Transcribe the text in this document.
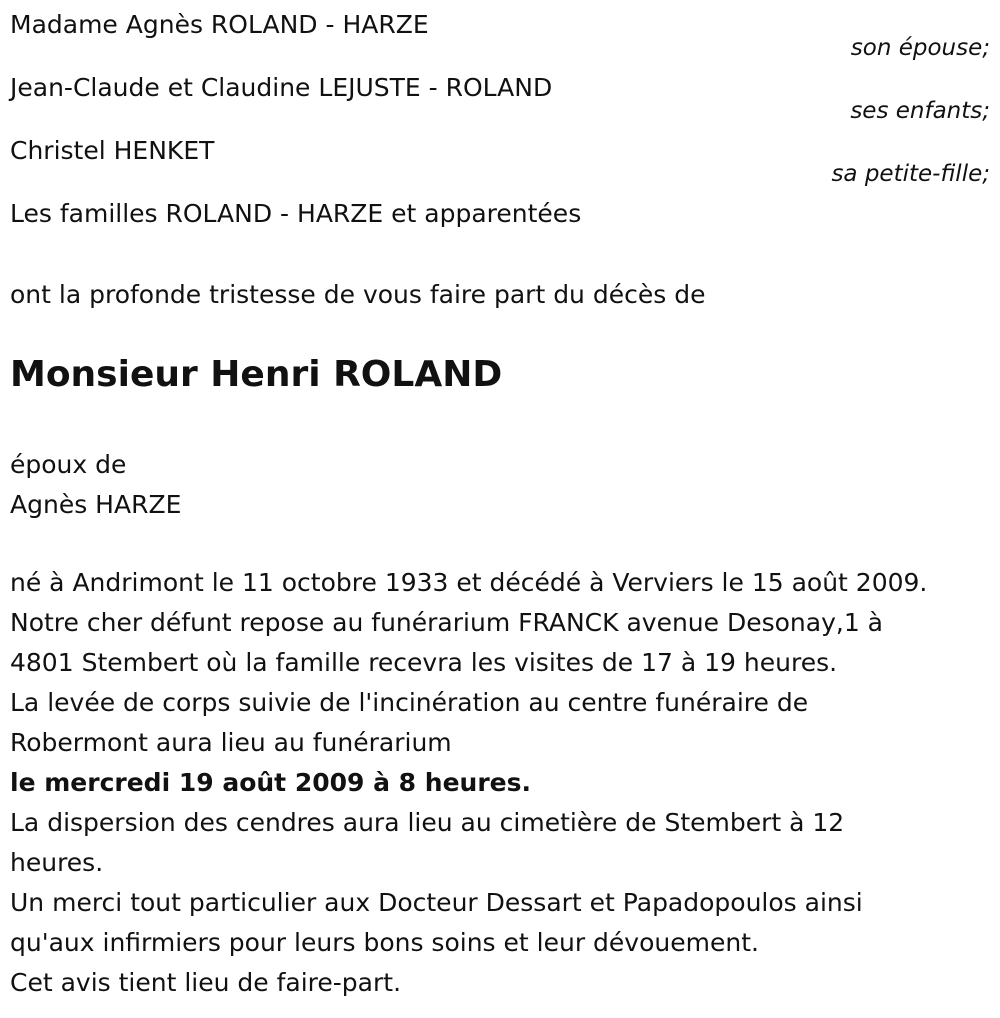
Madame Agnès ROLAND - HARZE
son épouse;
Jean-Claude et Claudine LEJUSTE - ROLAND
ses enfants;
Christel HENKET
sa petite-fille;
Les familles ROLAND - HARZE et apparentées
ont la profonde tristesse de vous faire part du décès de
Monsieur Henri ROLAND
époux de
Agnès HARZE
né à Andrimont le 11 octobre 1933 et décédé à Verviers le 15 août 2009.
Notre cher défunt repose au funérarium FRANCK avenue Desonay,1 à
4801 Stembert où la famille recevra les visites de 17 à 19 heures.
La levée de corps suivie de l'incinération au centre funéraire de
Robermont aura lieu au funérarium
le mercredi 19 août 2009 à 8 heures.
La dispersion des cendres aura lieu au cimetière de Stembert à 12
heures.
Un merci tout particulier aux Docteur Dessart et Papadopoulos ainsi
qu'aux infirmiers pour leurs bons soins et leur dévouement.
Cet avis tient lieu de faire-part.
